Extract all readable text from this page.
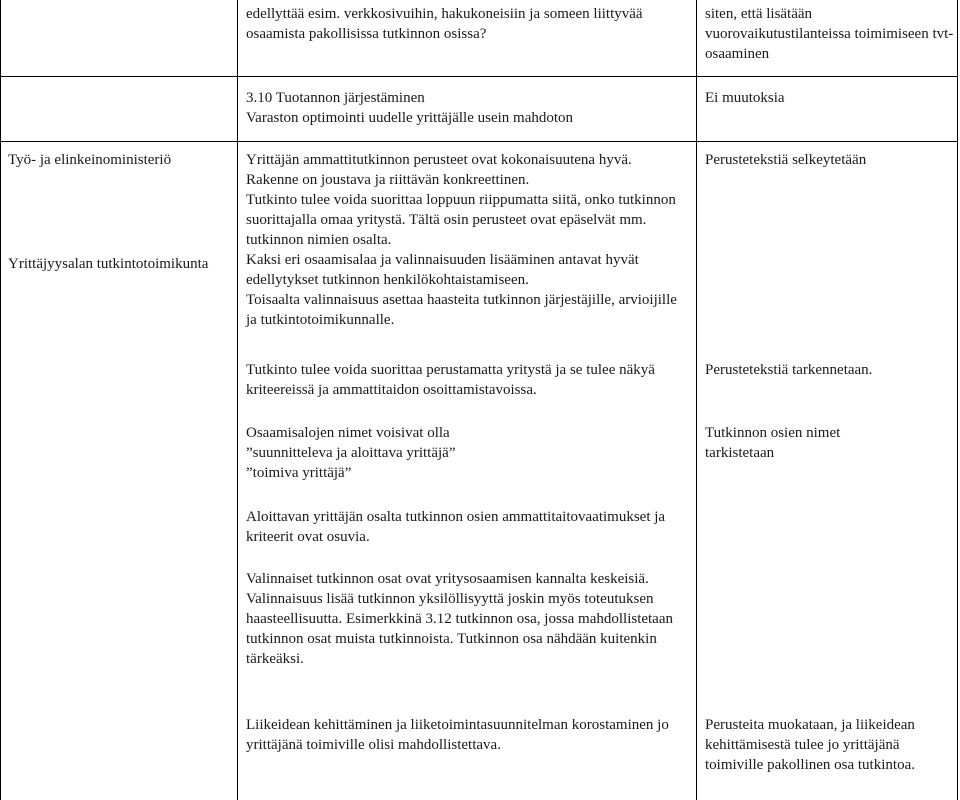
edellyttää esim. verkkosivuihin, hakukoneisiin ja someen liittyvää osaamista pakollisissa tutkinnon osissa?

siten, että lisätään vuorovaikutustilanteissa toimimiseen tvt-osaaminen

3.10 Tuotannon järjestäminen

Varaston optimointi uudelle yrittäjälle usein mahdoton

Ei muutoksia

Työ- ja elinkeinoministeriö

Yrittäjyysalan tutkintotoimikunta

Yrittäjän ammattitutkinnon perusteet ovat kokonaisuutena hyvä. Rakenne on joustava ja riittävän konkreettinen.

Tutkinto tulee voida suorittaa loppuun riippumatta siitä, onko tutkinnon suorittajalla omaa yritystä. Tältä osin perusteet ovat epäselvät mm. tutkinnon nimien osalta.

Kaksi eri osaamisalaa ja valinnaisuuden lisääminen antavat hyvät edellytykset tutkinnon henkilökohtaistamiseen.

Toisaalta valinnaisuus asettaa haasteita tutkinnon järjestäjille, arvioijille ja tutkintotoimikunnalle.

Tutkinto tulee voida suorittaa perustamatta yritystä ja se tulee näkyä kriteereissä ja ammattitaidon osoittamistavoissa.

Osaamisalojen nimet voisivat olla

”suunnitteleva ja aloittava yrittäjä”

”toimiva yrittäjä”

Aloittavan yrittäjän osalta tutkinnon osien ammattitaitovaatimukset ja kriteerit ovat osuvia.

Valinnaiset tutkinnon osat ovat yritysosaamisen kannalta keskeisiä. Valinnaisuus lisää tutkinnon yksilöllisyyttä joskin myös toteutuksen haasteellisuutta. Esimerkkinä 3.12 tutkinnon osa, jossa mahdollistetaan tutkinnon osat muista tutkinnoista. Tutkinnon osa nähdään kuitenkin tärkeäksi.

Liikeidean kehittäminen ja liiketoimintasuunnitelman korostaminen jo yrittäjänä toimiville olisi mahdollistettava.

Perustetekstiä selkeytetään

Perustetekstiä tarkennetaan.

Tutkinnon osien nimet tarkistetaan

Perusteita muokataan, ja liikeidean kehittämisestä tulee jo yrittäjänä toimiville pakollinen osa tutkintoa.
